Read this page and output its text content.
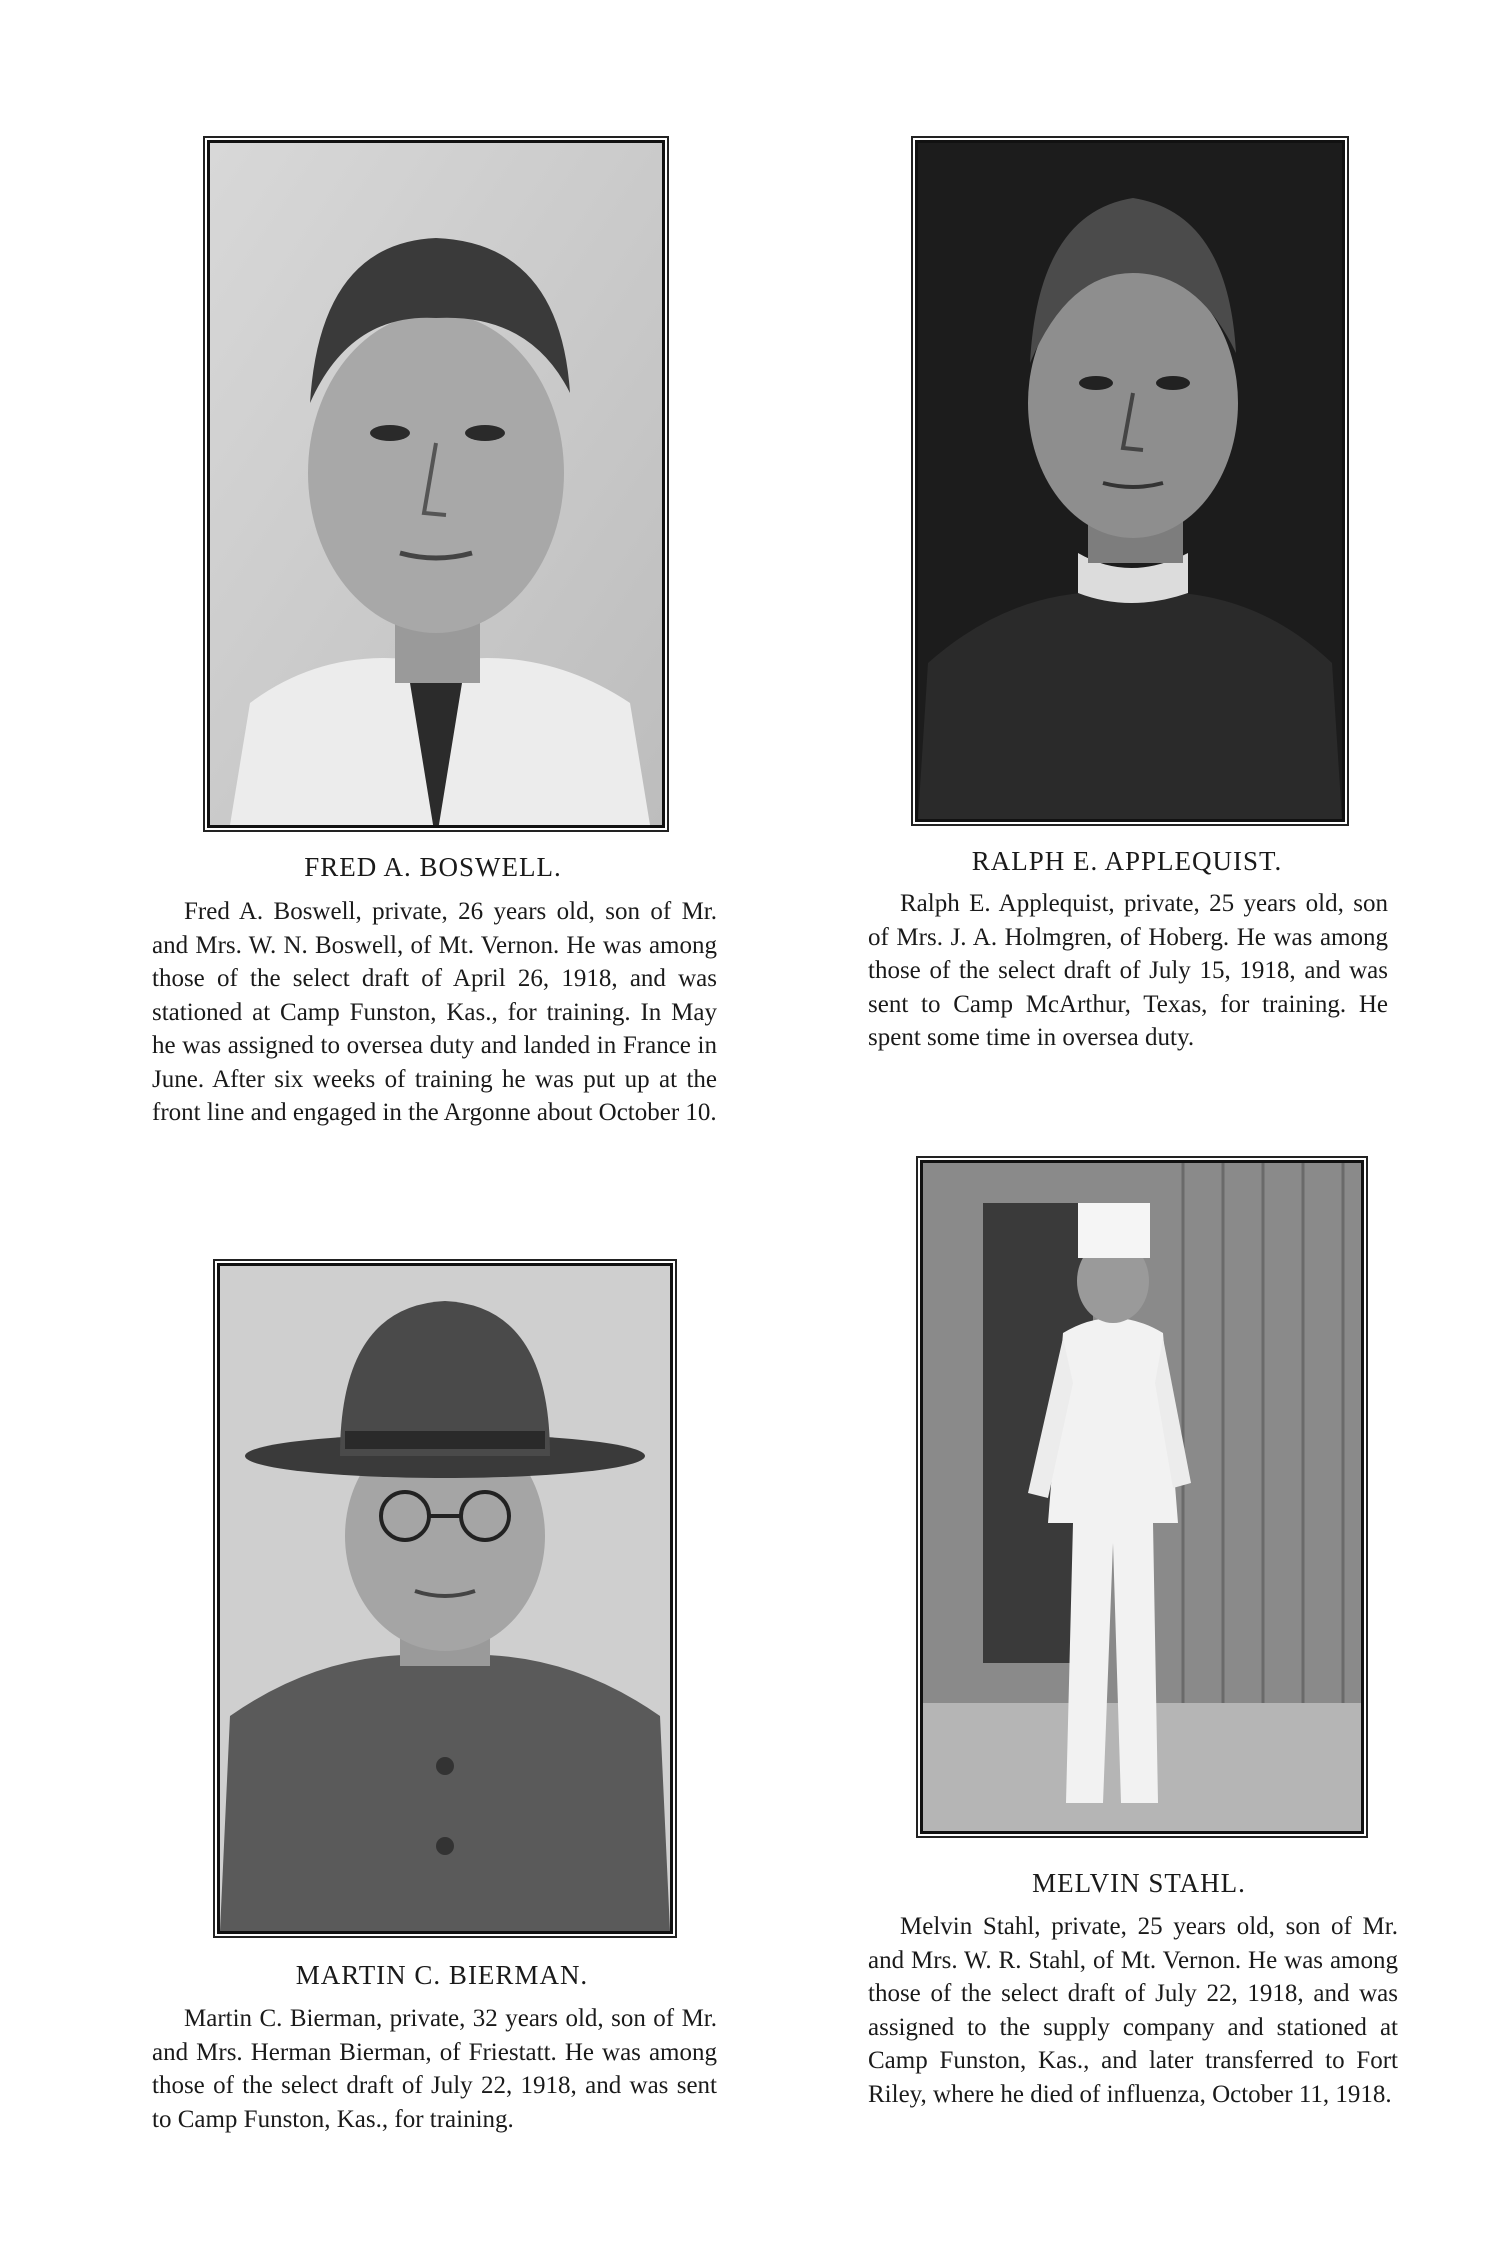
FRED A. BOSWELL.
Fred A. Boswell, private, 26 years old, son of Mr. and Mrs. W. N. Boswell, of Mt. Vernon. He was among those of the select draft of April 26, 1918, and was stationed at Camp Funston, Kas., for training. In May he was assigned to oversea duty and landed in France in June. After six weeks of training he was put up at the front line and engaged in the Argonne about October 10.
RALPH E. APPLEQUIST.
Ralph E. Applequist, private, 25 years old, son of Mrs. J. A. Holmgren, of Hoberg. He was among those of the select draft of July 15, 1918, and was sent to Camp McArthur, Texas, for training. He spent some time in oversea duty.
MARTIN C. BIERMAN.
Martin C. Bierman, private, 32 years old, son of Mr. and Mrs. Herman Bierman, of Friestatt. He was among those of the select draft of July 22, 1918, and was sent to Camp Funston, Kas., for training.
MELVIN STAHL.
Melvin Stahl, private, 25 years old, son of Mr. and Mrs. W. R. Stahl, of Mt. Vernon. He was among those of the select draft of July 22, 1918, and was assigned to the supply company and stationed at Camp Funston, Kas., and later transferred to Fort Riley, where he died of influenza, October 11, 1918.
